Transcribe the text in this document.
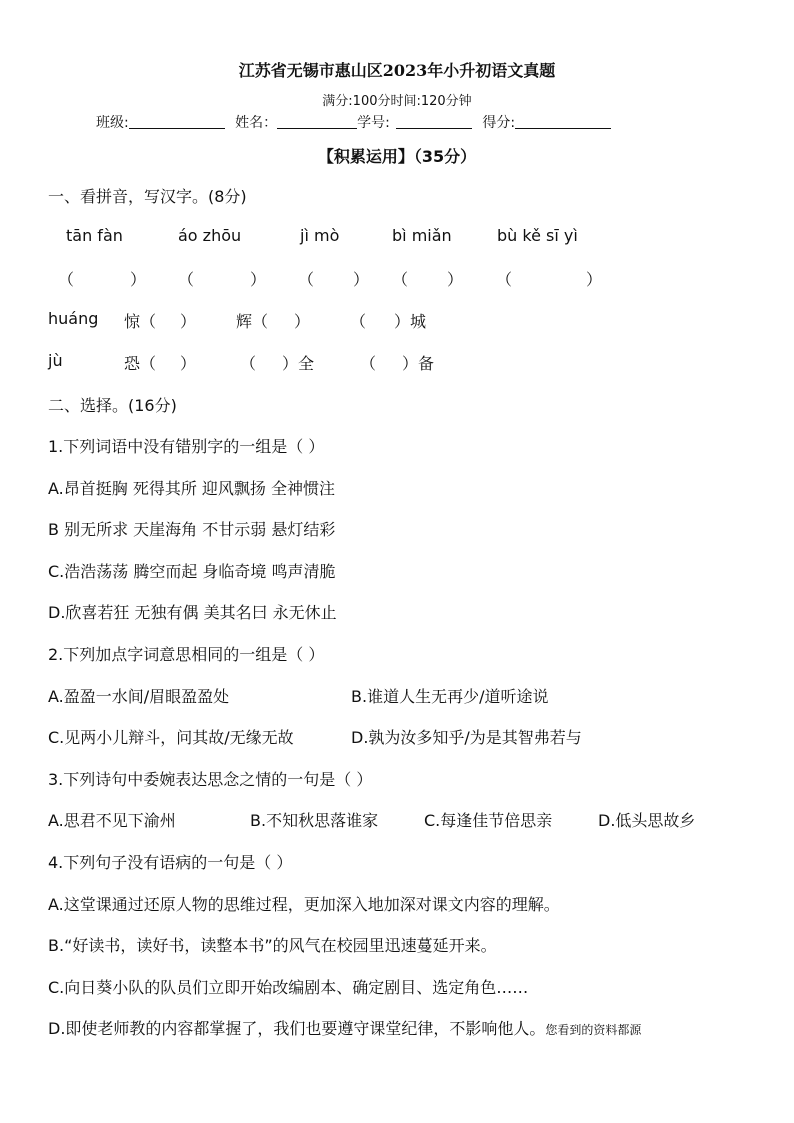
江苏省无锡市惠山区2023年小升初语文真题
满分:100分时间:120分钟
班级:	姓名：	学号:	得分:
【积累运用】（35分）
一、看拼音，写汉字。(8分)
tān fàn	áo zhōu	jì mò	bì miǎn	bù kě sī yì
（	） （	） （ ） （ ） （	）
huáng 惊（ ） 辉（ ） （ ）城
jù	恐（ ）	（ ）全	（ ）备
二、选择。(16分)
1.下列词语中没有错别字的一组是（ ）
A.昂首挺胸 死得其所 迎风飘扬 全神惯注
B 别无所求 天崖海角 不甘示弱 悬灯结彩
C.浩浩荡荡 腾空而起 身临奇境 鸣声清脆
D.欣喜若狂 无独有偶 美其名曰 永无休止
2.下列加点字词意思相同的一组是（ ）
A.盈盈一水间/眉眼盈盈处	B.谁道人生无再少/道听途说
C.见两小儿辩斗，问其故/无缘无故	D.孰为汝多知乎/为是其智弗若与
3.下列诗句中委婉表达思念之情的一句是（ ）
A.思君不见下渝州	B.不知秋思落谁家	C.每逢佳节倍思亲	D.低头思故乡
4.下列句子没有语病的一句是（ ）
A.这堂课通过还原人物的思维过程，更加深入地加深对课文内容的理解。
B.“好读书，读好书，读整本书”的风气在校园里迅速蔓延开来。
C.向日葵小队的队员们立即开始改编剧本、确定剧目、选定角色……
D.即使老师教的内容都掌握了，我们也要遵守课堂纪律，不影响他人。您看到的资料都源
